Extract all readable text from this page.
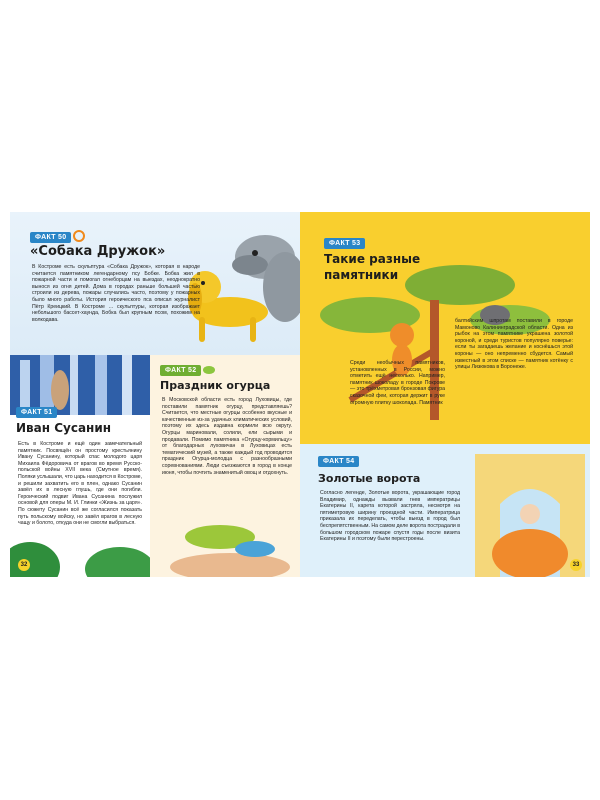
ФАКТ 50
«Собака Дружок»
В Костроме есть скульптура «Собака Дружок», которая в народе считается памятником легендарному псу Бобке. Бобка жил в пожарной части и помогал огнеборцам на выездах, неоднократно вынося из огня детей. Дома в городах раньше большей частью строили из дерева, пожары случались часто, поэтому у пожарных было много работы. История героического пса описал журналист Пётр Креицкий. В Костроме … скульптуры, которая изображает небольшого бассет-хаунда, Бобка был крупным псом, похожим на волкодава.
ФАКТ 51
Иван Сусанин
Есть в Костроме и ещё один замечательный памятник. Посвящён он простому крестьянину Ивану Сусанину, который спас молодого царя Михаила Фёдоровича от врагов во время Русско-польской войны XVII века (Смутное время). Поляки услышали, что царь находится в Костроме, и решили захватить его в плен, однако Сусанин завёл их в лесную глушь, где они погибли. Героический подвиг Ивана Сусанина послужил основой для оперы М. И. Глинки «Жизнь за царя». По сюжету Сусанин всё же согласился показать путь польскому войску, но завёл врагов в лесную чащу и болото, откуда они не смогли выбраться.
32
ФАКТ 52
Праздник огурца
В Московской области есть город Луховицы, где поставили памятник огурцу, представляешь? Считается, что местные огурцы особенно вкусные и качественные из-за удачных климатических условий, поэтому их здесь издавна кормили всю округу. Огурцы мариновали, солили, ели сырыми и продавали. Помимо памятника «Огурцу-кормильцу» от благодарных луховичан в Луховицах есть тематический музей, а также каждый год проводится праздник Огурца-молодца с разнообразными соревнованиями. Люди съезжаются в город в конце июня, чтобы почтить знаменитый овощ и отдохнуть.
ФАКТ 53
Такие разные
памятники
Среди необычных памятников, установленных в России, можно отметить ещё несколько. Например, памятник шоколаду в городе Покрове — это трёхметровая бронзовая фигура сказочной феи, которая держит в руке огромную плитку шоколада. Памятник
балтийским шпротам поставили в городе Мамоново Калининградской области. Одна из рыбок на этом памятнике украшена золотой короной, и среди туристов популярно поверье: если ты загадаешь желание и коснёшься этой короны — оно непременно сбудется. Самый известный в этом списке — памятник котёнку с улицы Лизюкова в Воронеже.
ФАКТ 54
Золотые ворота
Согласно легенде, Золотые ворота, украшающие город Владимир, однажды вызвали гнев императрицы Екатерины II, карета которой застряла, несмотря на пятиметровую ширину проездной части. Императрица приказала их переделать, чтобы выезд в город был беспрепятственным. На самом деле ворота пострадали в большом городском пожаре спустя годы после визита Екатерины II и поэтому были перестроены.
33
